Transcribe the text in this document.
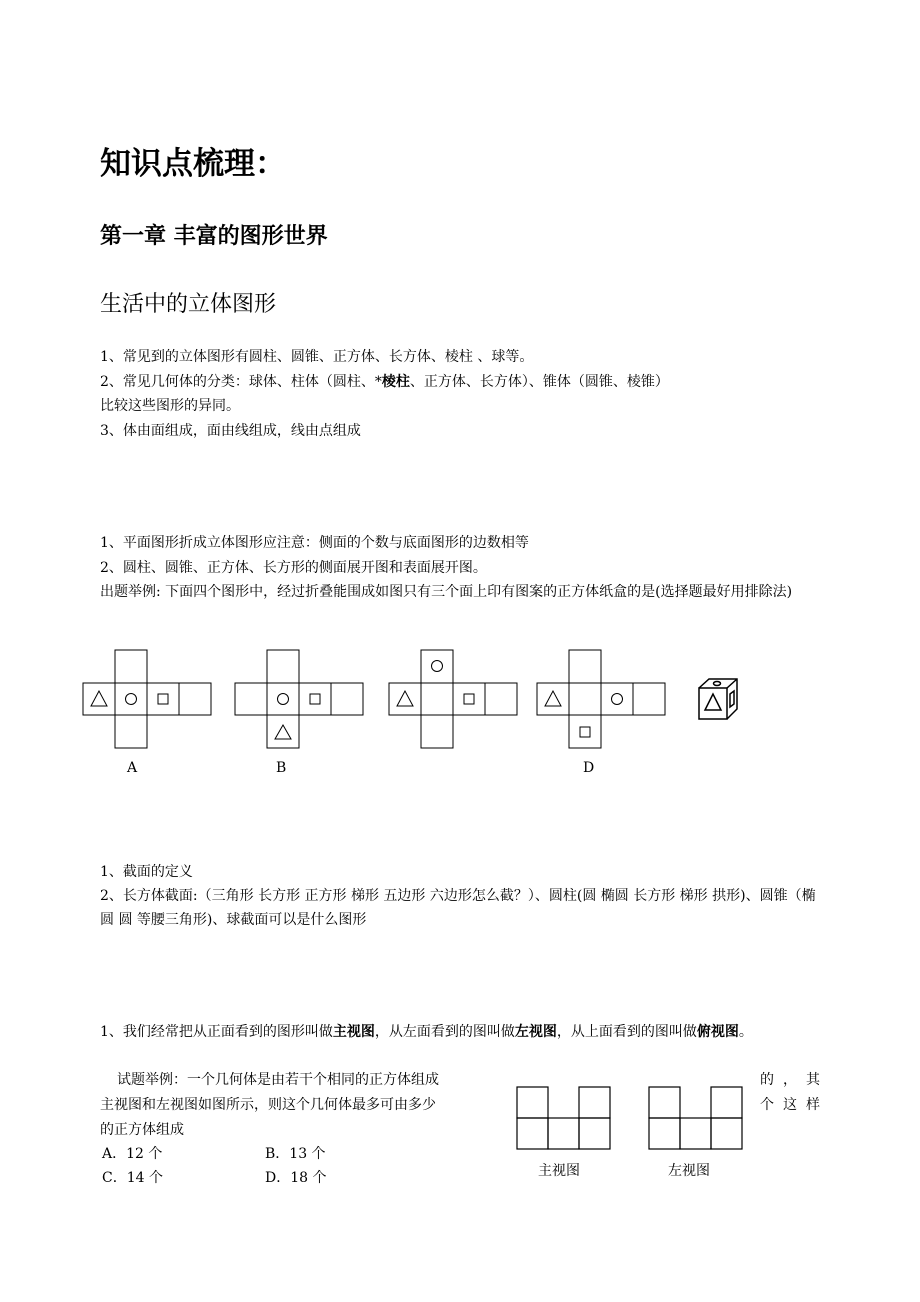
知识点梳理：
第一章 丰富的图形世界
生活中的立体图形
1、常见到的立体图形有圆柱、圆锥、正方体、长方体、棱柱 、球等。
2、常见几何体的分类：球体、柱体（圆柱、*棱柱、正方体、长方体）、锥体（圆锥、棱锥）
比较这些图形的异同。
3、体由面组成，面由线组成，线由点组成
1、平面图形折成立体图形应注意：侧面的个数与底面图形的边数相等
2、圆柱、圆锥、正方体、长方形的侧面展开图和表面展开图。
出题举例: 下面四个图形中，经过折叠能围成如图只有三个面上印有图案的正方体纸盒的是(选择题最好用排除法)
A	B	D
1、截面的定义
2、长方体截面:（三角形 长方形 正方形 梯形 五边形 六边形怎么截？）、圆柱(圆 椭圆 长方形 梯形 拱形)、圆锥（椭圆 圆 等腰三角形)、球截面可以是什么图形
1、我们经常把从正面看到的图形叫做主视图，从左面看到的图叫做左视图，从上面看到的图叫做俯视图。
试题举例：一个几何体是由若干个相同的正方体组成
主视图和左视图如图所示，则这个几何体最多可由多少
的正方体组成
的 ， 其
个 这 样
A．12 个	B．13 个
C．14 个	D．18 个	主视图	左视图
